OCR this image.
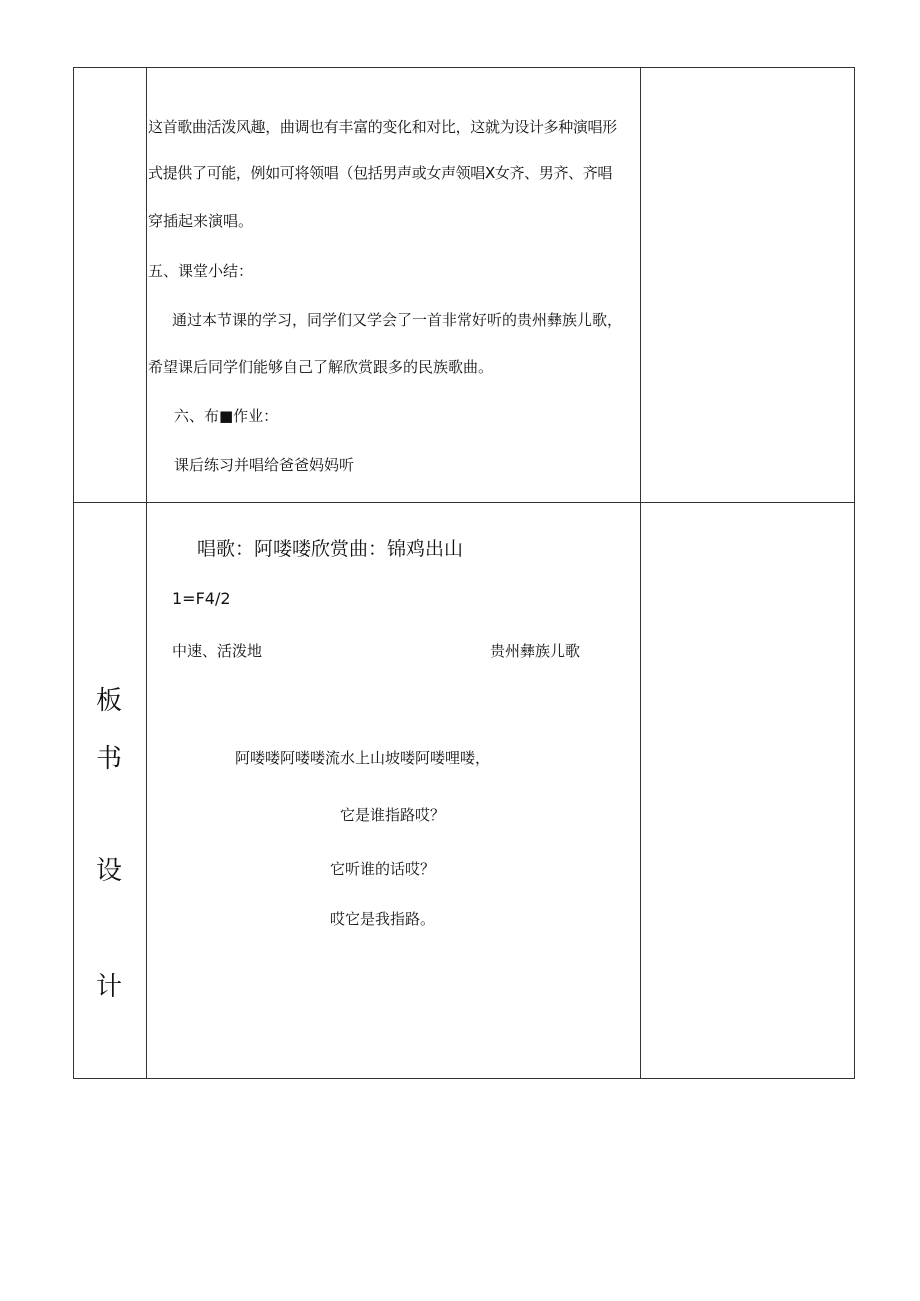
这首歌曲活泼风趣，曲调也有丰富的变化和对比，这就为设计多种演唱形
式提供了可能，例如可将领唱（包括男声或女声领唱X女齐、男齐、齐唱
穿插起来演唱。
五、课堂小结：
通过本节课的学习，同学们又学会了一首非常好听的贵州彝族儿歌，
希望课后同学们能够自己了解欣赏跟多的民族歌曲。
六、布■作业：
课后练习并唱给爸爸妈妈听
板
书
设
计
唱歌：阿喽喽欣赏曲：锦鸡出山
1=F4/2
中速、活泼地	贵州彝族儿歌
阿喽喽阿喽喽流水上山坡喽阿喽哩喽，
它是谁指路哎？
它听谁的话哎？
哎它是我指路。
